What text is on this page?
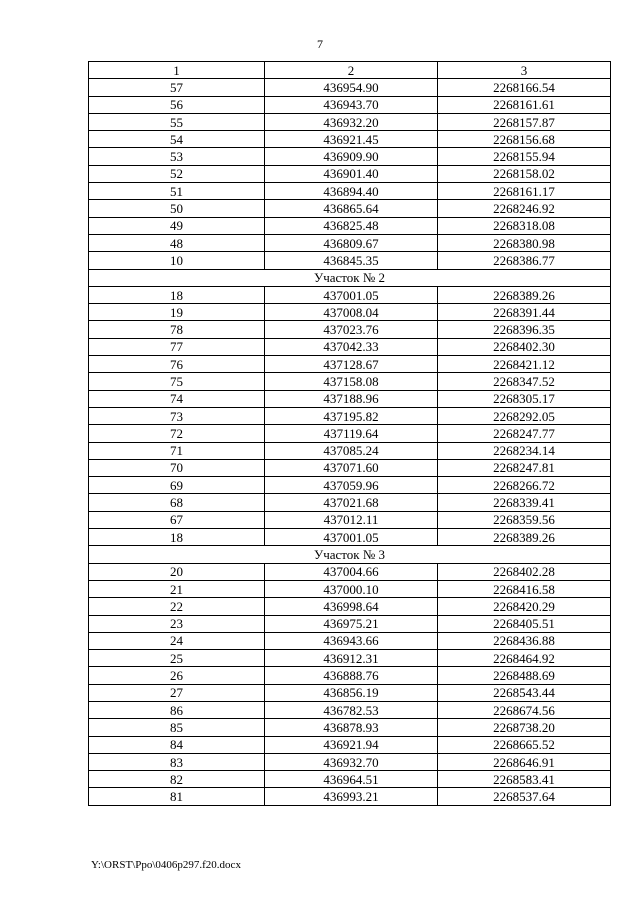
7
1	2	3
57	436954.90	2268166.54
56	436943.70	2268161.61
55	436932.20	2268157.87
54	436921.45	2268156.68
53	436909.90	2268155.94
52	436901.40	2268158.02
51	436894.40	2268161.17
50	436865.64	2268246.92
49	436825.48	2268318.08
48	436809.67	2268380.98
10	436845.35	2268386.77
Участок № 2		
18	437001.05	2268389.26
19	437008.04	2268391.44
78	437023.76	2268396.35
77	437042.33	2268402.30
76	437128.67	2268421.12
75	437158.08	2268347.52
74	437188.96	2268305.17
73	437195.82	2268292.05
72	437119.64	2268247.77
71	437085.24	2268234.14
70	437071.60	2268247.81
69	437059.96	2268266.72
68	437021.68	2268339.41
67	437012.11	2268359.56
18	437001.05	2268389.26
Участок № 3		
20	437004.66	2268402.28
21	437000.10	2268416.58
22	436998.64	2268420.29
23	436975.21	2268405.51
24	436943.66	2268436.88
25	436912.31	2268464.92
26	436888.76	2268488.69
27	436856.19	2268543.44
86	436782.53	2268674.56
85	436878.93	2268738.20
84	436921.94	2268665.52
83	436932.70	2268646.91
82	436964.51	2268583.41
81	436993.21	2268537.64
Y:\ORST\Ppo\0406p297.f20.docx
